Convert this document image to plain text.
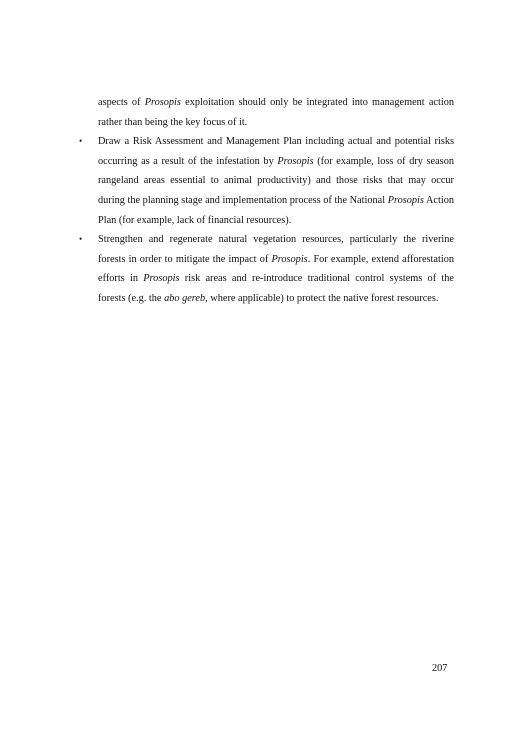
aspects of Prosopis exploitation should only be integrated into management action rather than being the key focus of it.

• Draw a Risk Assessment and Management Plan including actual and potential risks occurring as a result of the infestation by Prosopis (for example, loss of dry season rangeland areas essential to animal productivity) and those risks that may occur during the planning stage and implementation process of the National Prosopis Action Plan (for example, lack of financial resources).
• Strengthen and regenerate natural vegetation resources, particularly the riverine forests in order to mitigate the impact of Prosopis. For example, extend afforestation efforts in Prosopis risk areas and re-introduce traditional control systems of the forests (e.g. the abo gereb, where applicable) to protect the native forest resources.
207
